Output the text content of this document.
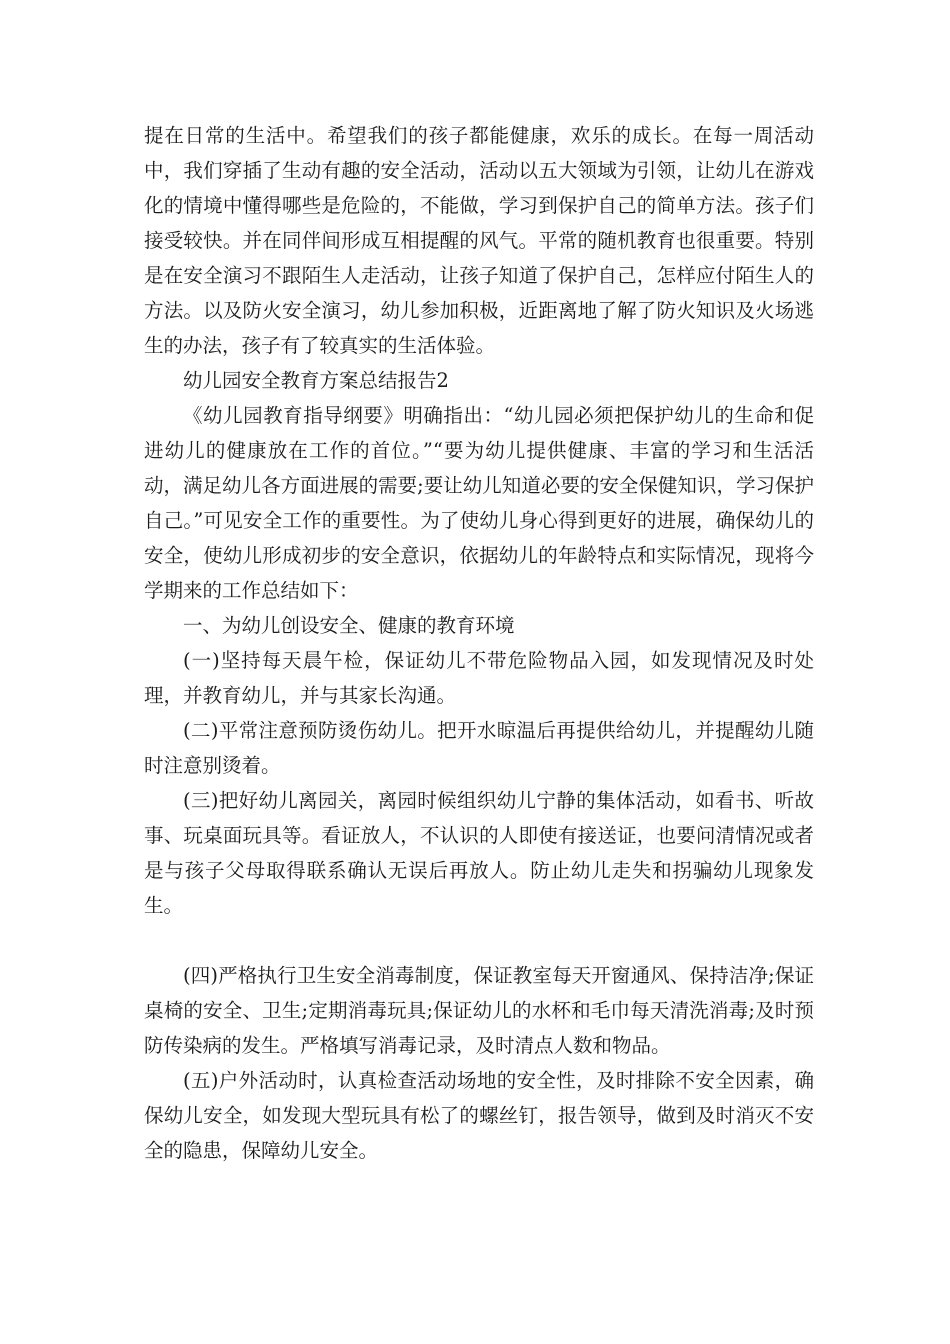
提在日常的生活中。希望我们的孩子都能健康，欢乐的成长。在每一周活动中，我们穿插了生动有趣的安全活动，活动以五大领域为引领，让幼儿在游戏化的情境中懂得哪些是危险的，不能做，学习到保护自己的简单方法。孩子们接受较快。并在同伴间形成互相提醒的风气。平常的随机教育也很重要。特别是在安全演习不跟陌生人走活动，让孩子知道了保护自己，怎样应付陌生人的方法。以及防火安全演习，幼儿参加积极，近距离地了解了防火知识及火场逃生的办法，孩子有了较真实的生活体验。

幼儿园安全教育方案总结报告2

《幼儿园教育指导纲要》明确指出：“幼儿园必须把保护幼儿的生命和促进幼儿的健康放在工作的首位。”“要为幼儿提供健康、丰富的学习和生活活动，满足幼儿各方面进展的需要;要让幼儿知道必要的安全保健知识，学习保护自己。”可见安全工作的重要性。为了使幼儿身心得到更好的进展，确保幼儿的安全，使幼儿形成初步的安全意识，依据幼儿的年龄特点和实际情况，现将今学期来的工作总结如下：

一、为幼儿创设安全、健康的教育环境

(一)坚持每天晨午检，保证幼儿不带危险物品入园，如发现情况及时处理，并教育幼儿，并与其家长沟通。

(二)平常注意预防烫伤幼儿。把开水晾温后再提供给幼儿，并提醒幼儿随时注意别烫着。

(三)把好幼儿离园关，离园时候组织幼儿宁静的集体活动，如看书、听故事、玩桌面玩具等。看证放人，不认识的人即使有接送证，也要问清情况或者是与孩子父母取得联系确认无误后再放人。防止幼儿走失和拐骗幼儿现象发生。

(四)严格执行卫生安全消毒制度，保证教室每天开窗通风、保持洁净;保证桌椅的安全、卫生;定期消毒玩具;保证幼儿的水杯和毛巾每天清洗消毒;及时预防传染病的发生。严格填写消毒记录，及时清点人数和物品。

(五)户外活动时，认真检查活动场地的安全性，及时排除不安全因素，确保幼儿安全，如发现大型玩具有松了的螺丝钉，报告领导，做到及时消灭不安全的隐患，保障幼儿安全。
